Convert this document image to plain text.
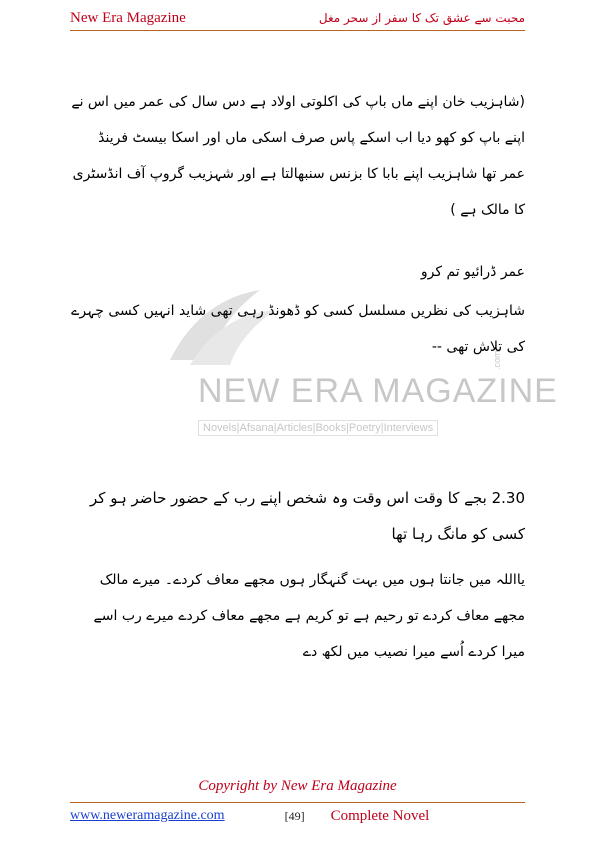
New Era Magazine	محبت سے عشق تک کا سفر از سحر مغل
NEW ERA MAGAZINE
Novels|Afsana|Articles|Books|Poetry|Interviews
.com

(شاہزیب خان اپنے ماں باپ کی اکلوتی اولاد ہے دس سال کی عمر میں اس نے اپنے باپ کو کھو دیا اب اسکے پاس صرف اسکی ماں اور اسکا بیسٹ فرینڈ عمر تھا شاہزیب اپنے بابا کا بزنس سنبھالتا ہے اور شہزیب گروپ آف انڈسٹری کا مالک ہے )

عمر ڈرائیو تم کرو

شاہزیب کی نظریں مسلسل کسی کو ڈھونڈ رہی تھی شاید انہیں کسی چہرے کی تلاش تھی --

2.30 بجے کا وقت اس وقت وہ شخص اپنے رب کے حضور حاضر ہو کر کسی کو مانگ رہا تھا

یااللہ میں جانتا ہوں میں بہت گنہگار ہوں مجھے معاف کردے۔ میرے مالک مجھے معاف کردے تو رحیم ہے تو کریم ہے مجھے معاف کردے میرے رب اسے میرا کردے اُسے میرا نصیب میں لکھ دے

Copyright by New Era Magazine
www.neweramagazine.com	[49] Complete Novel
